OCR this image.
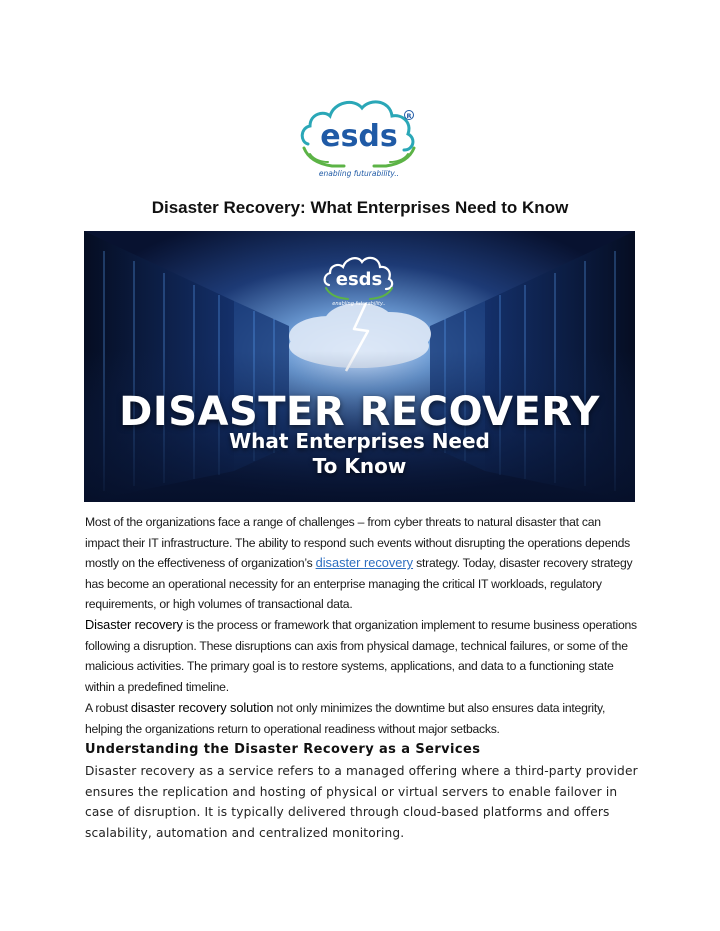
esds
R
enabling futurability..
Disaster Recovery: What Enterprises Need to Know
esds
enabling futurability..
DISASTER RECOVERY
What Enterprises Need
To Know

Most of the organizations face a range of challenges – from cyber threats to natural disaster that can impact their IT infrastructure. The ability to respond such events without disrupting the operations depends mostly on the effectiveness of organization’s disaster recovery strategy. Today, disaster recovery strategy has become an operational necessity for an enterprise managing the critical IT workloads, regulatory requirements, or high volumes of transactional data.

Disaster recovery is the process or framework that organization implement to resume business operations following a disruption. These disruptions can axis from physical damage, technical failures, or some of the malicious activities. The primary goal is to restore systems, applications, and data to a functioning state within a predefined timeline.

A robust disaster recovery solution not only minimizes the downtime but also ensures data integrity, helping the organizations return to operational readiness without major setbacks.

Understanding the Disaster Recovery as a Services

Disaster recovery as a service refers to a managed offering where a third-party provider ensures the replication and hosting of physical or virtual servers to enable failover in case of disruption. It is typically delivered through cloud-based platforms and offers scalability, automation and centralized monitoring.
